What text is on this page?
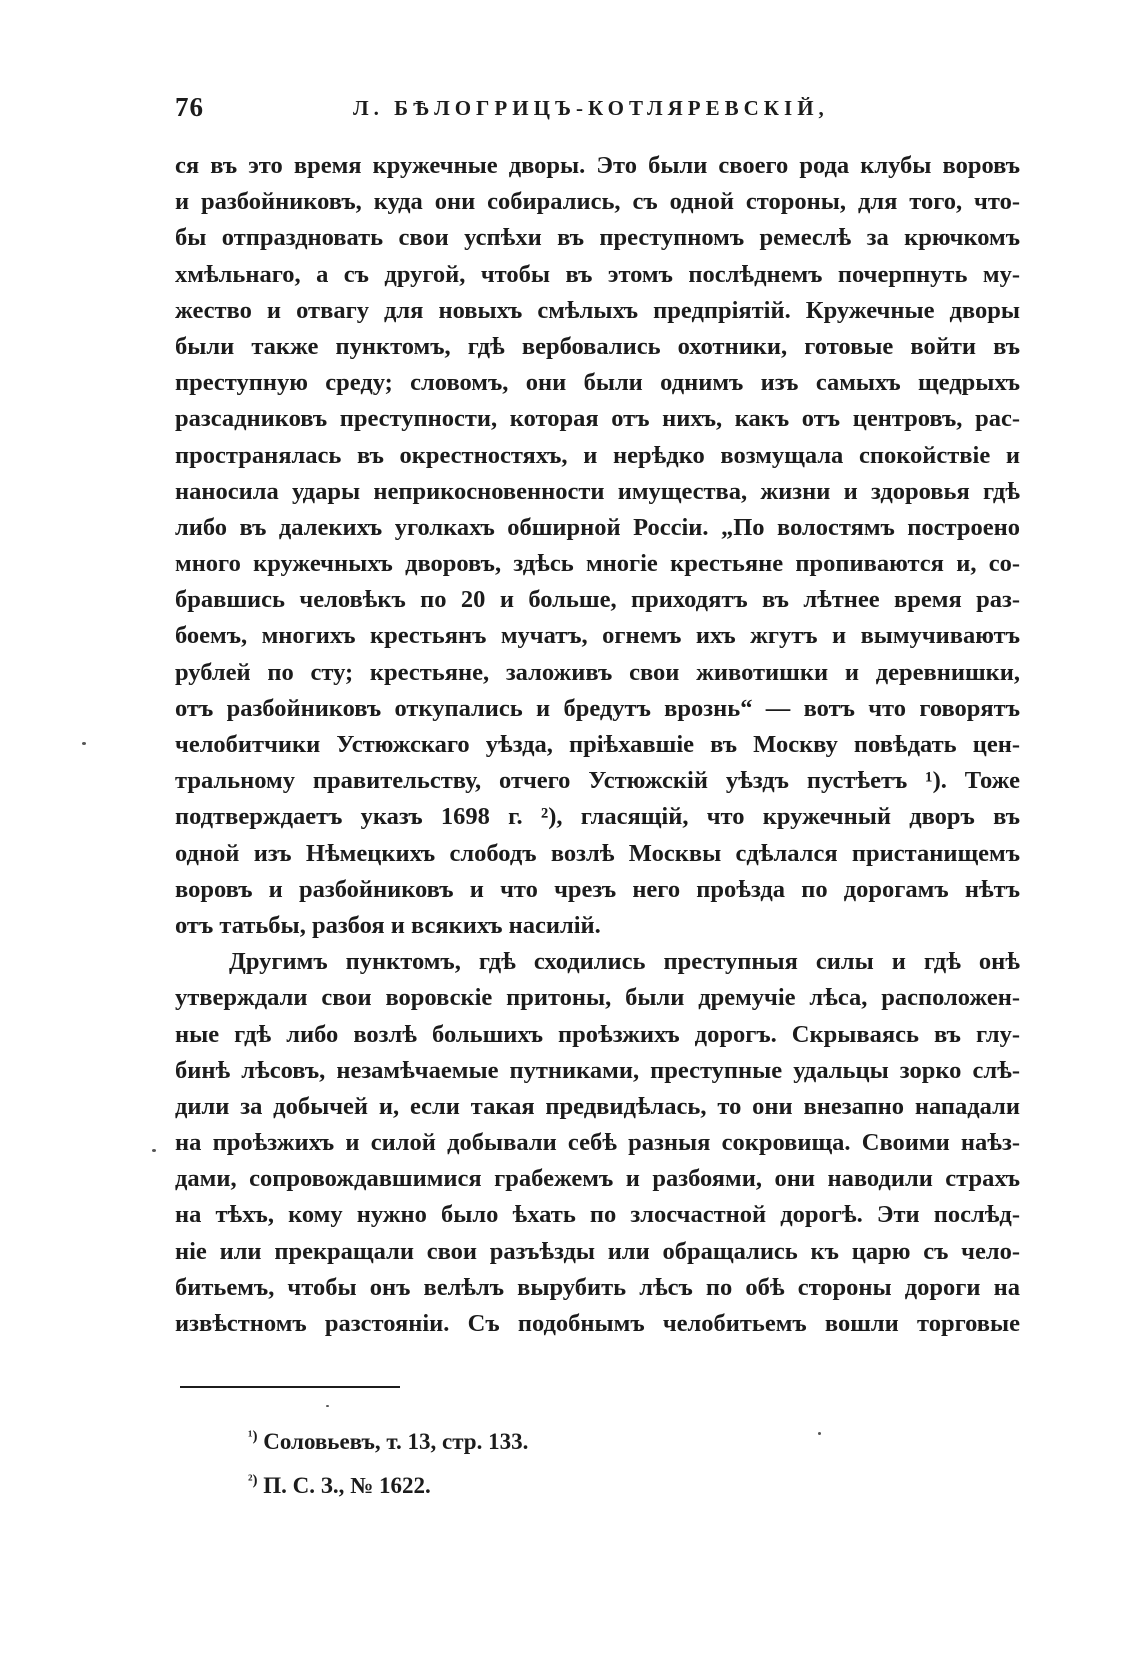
76	Л. БѢЛОГРИЦЪ-КОТЛЯРЕВСКІЙ,
ся въ это время кружечные дворы. Это были своего рода клубы воровъ
и разбойниковъ, куда они собирались, съ одной стороны, для того, что-
бы отпраздновать свои успѣхи въ преступномъ ремеслѣ за крючкомъ
хмѣльнаго, а съ другой, чтобы въ этомъ послѣднемъ почерпнуть му-
жество и отвагу для новыхъ смѣлыхъ предпріятій. Кружечные дворы
были также пунктомъ, гдѣ вербовались охотники, готовые войти въ
преступную среду; словомъ, они были однимъ изъ самыхъ щедрыхъ
разсадниковъ преступности, которая отъ нихъ, какъ отъ центровъ, рас-
пространялась въ окрестностяхъ, и нерѣдко возмущала спокойствіе и
наносила удары неприкосновенности имущества, жизни и здоровья гдѣ
либо въ далекихъ уголкахъ обширной Россіи. „По волостямъ построено
много кружечныхъ дворовъ, здѣсь многіе крестьяне пропиваются и, со-
бравшись человѣкъ по 20 и больше, приходятъ въ лѣтнее время раз-
боемъ, многихъ крестьянъ мучатъ, огнемъ ихъ жгутъ и вымучиваютъ
рублей по сту; крестьяне, заложивъ свои животишки и деревнишки,
отъ разбойниковъ откупались и бредутъ врознь“ — вотъ что говорятъ
челобитчики Устюжскаго уѣзда, пріѣхавшіе въ Москву повѣдать цен-
тральному правительству, отчего Устюжскій уѣздъ пустѣетъ ¹). Тоже
подтверждаетъ указъ 1698 г. ²), гласящій, что кружечный дворъ въ
одной изъ Нѣмецкихъ слободъ возлѣ Москвы сдѣлался пристанищемъ
воровъ и разбойниковъ и что чрезъ него проѣзда по дорогамъ нѣтъ
отъ татьбы, разбоя и всякихъ насилій.
Другимъ пунктомъ, гдѣ сходились преступныя силы и гдѣ онѣ
утверждали свои воровскіе притоны, были дремучіе лѣса, расположен-
ные гдѣ либо возлѣ большихъ проѣзжихъ дорогъ. Скрываясь въ глу-
бинѣ лѣсовъ, незамѣчаемые путниками, преступные удальцы зорко слѣ-
дили за добычей и, если такая предвидѣлась, то они внезапно нападали
на проѣзжихъ и силой добывали себѣ разныя сокровища. Своими наѣз-
дами, сопровождавшимися грабежемъ и разбоями, они наводили страхъ
на тѣхъ, кому нужно было ѣхать по злосчастной дорогѣ. Эти послѣд-
ніе или прекращали свои разъѣзды или обращались къ царю съ чело-
битьемъ, чтобы онъ велѣлъ вырубить лѣсъ по обѣ стороны дороги на
извѣстномъ разстояніи. Съ подобнымъ челобитьемъ вошли торговые
$^{^1)}$ Соловьевъ, т. 13, стр. 133.
$^{^2)}$ П. С. З., № 1622.
